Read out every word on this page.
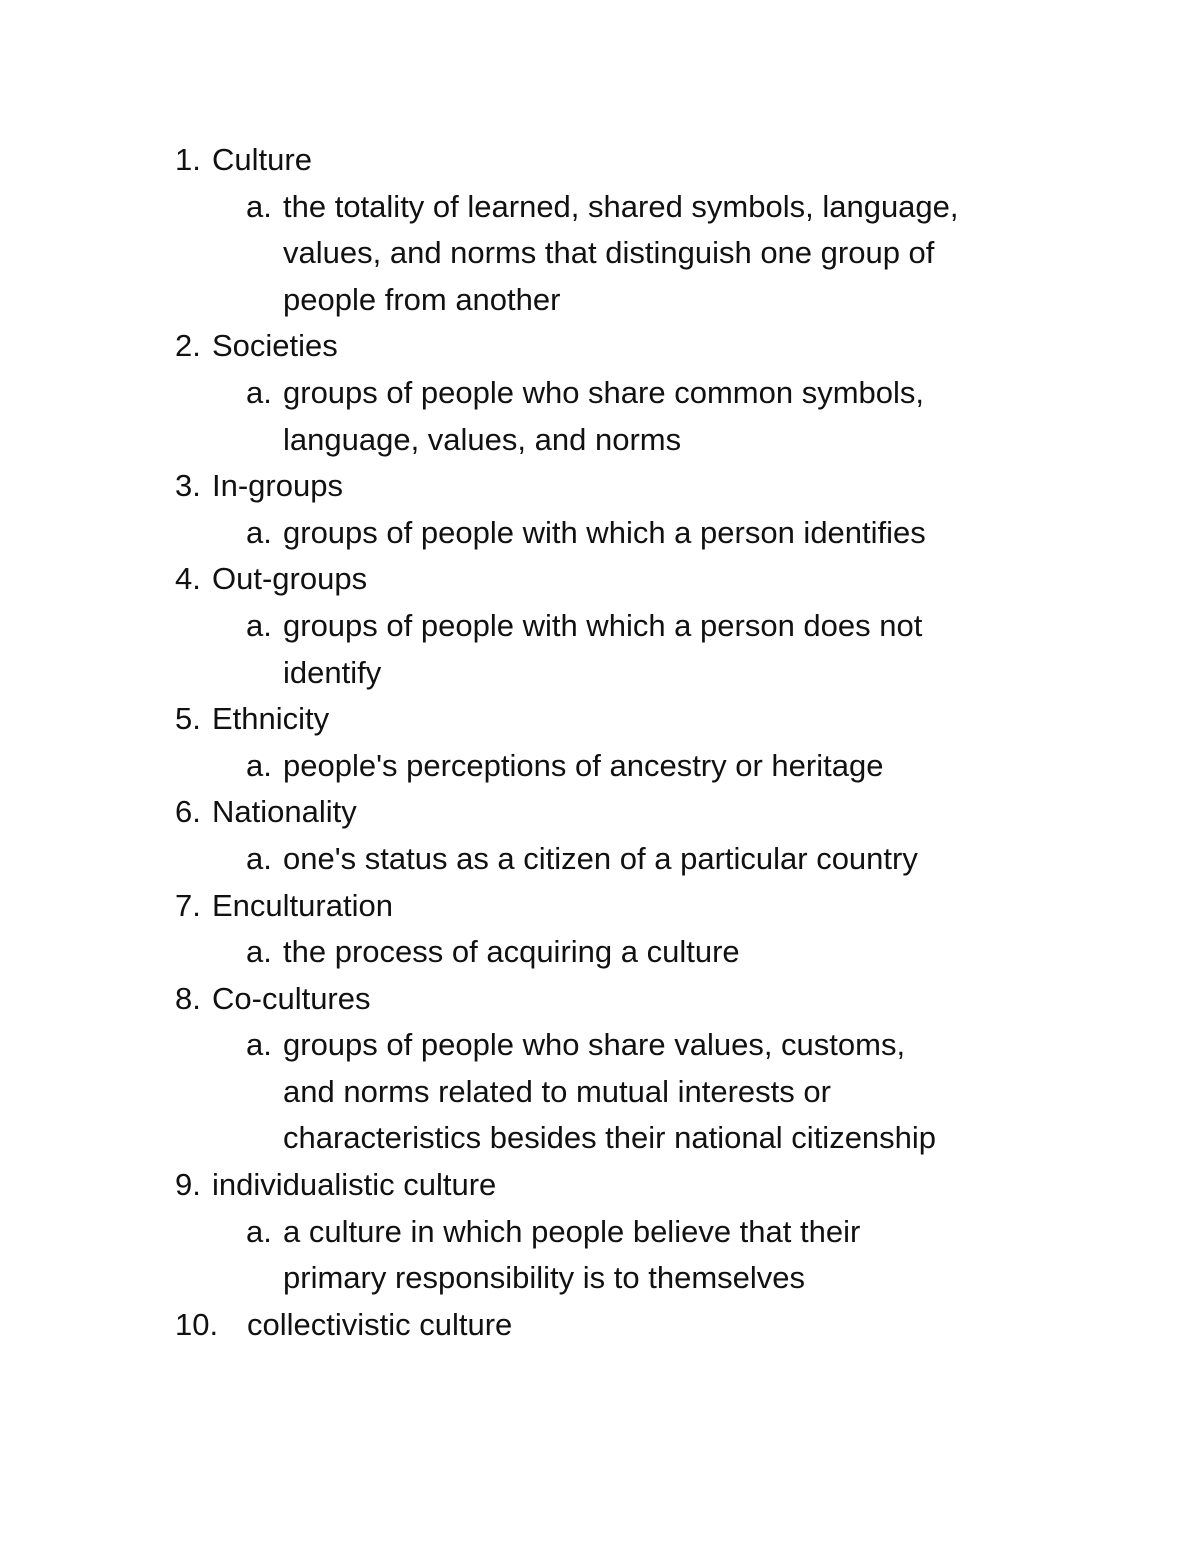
1. Culture
a. the totality of learned, shared symbols, language,
values, and norms that distinguish one group of
people from another
2. Societies
a. groups of people who share common symbols,
language, values, and norms
3. In-groups
a. groups of people with which a person identifies
4. Out-groups
a. groups of people with which a person does not
identify
5. Ethnicity
a. people's perceptions of ancestry or heritage
6. Nationality
a. one's status as a citizen of a particular country
7. Enculturation
a. the process of acquiring a culture
8. Co-cultures
a. groups of people who share values, customs,
and norms related to mutual interests or
characteristics besides their national citizenship
9. individualistic culture
a. a culture in which people believe that their
primary responsibility is to themselves
10. collectivistic culture
